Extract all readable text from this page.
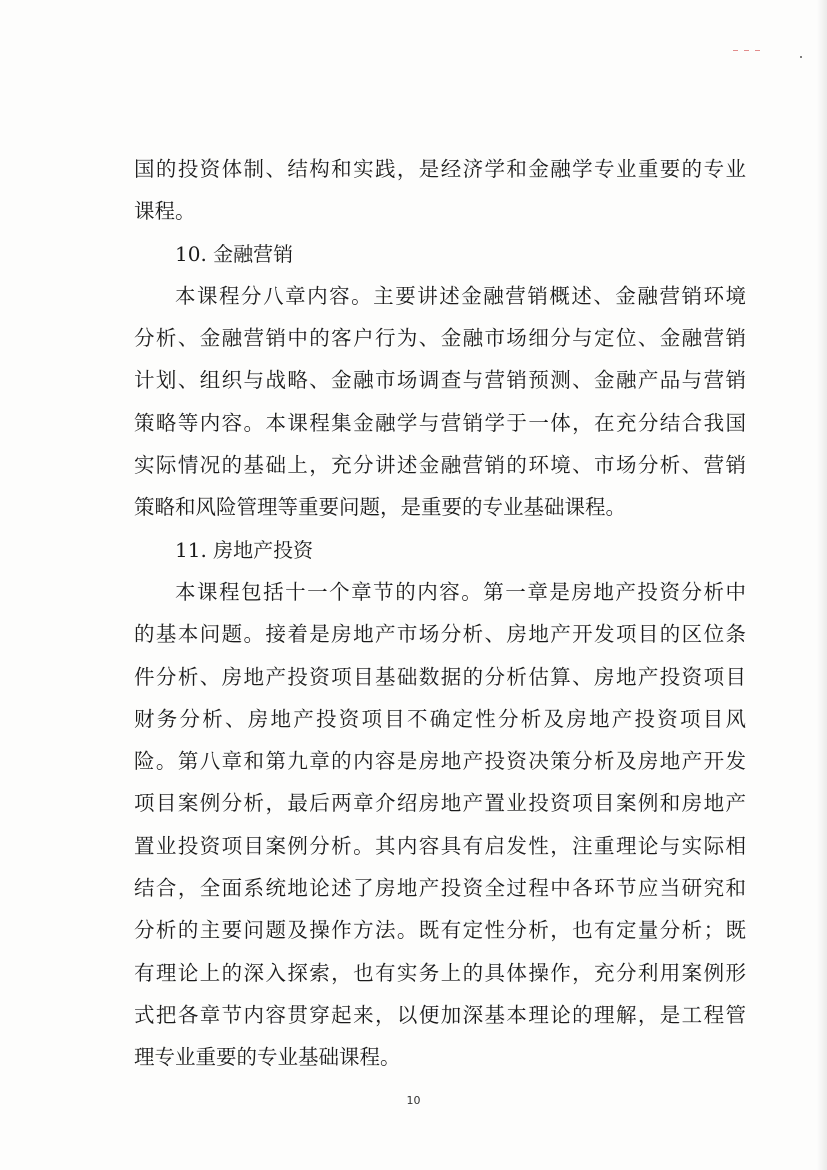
国的投资体制、结构和实践，是经济学和金融学专业重要的专业
课程。
10. 金融营销
本课程分八章内容。主要讲述金融营销概述、金融营销环境
分析、金融营销中的客户行为、金融市场细分与定位、金融营销
计划、组织与战略、金融市场调查与营销预测、金融产品与营销
策略等内容。本课程集金融学与营销学于一体，在充分结合我国
实际情况的基础上，充分讲述金融营销的环境、市场分析、营销
策略和风险管理等重要问题，是重要的专业基础课程。
11. 房地产投资
本课程包括十一个章节的内容。第一章是房地产投资分析中
的基本问题。接着是房地产市场分析、房地产开发项目的区位条
件分析、房地产投资项目基础数据的分析估算、房地产投资项目
财务分析、房地产投资项目不确定性分析及房地产投资项目风
险。第八章和第九章的内容是房地产投资决策分析及房地产开发
项目案例分析，最后两章介绍房地产置业投资项目案例和房地产
置业投资项目案例分析。其内容具有启发性，注重理论与实际相
结合，全面系统地论述了房地产投资全过程中各环节应当研究和
分析的主要问题及操作方法。既有定性分析，也有定量分析；既
有理论上的深入探索，也有实务上的具体操作，充分利用案例形
式把各章节内容贯穿起来，以便加深基本理论的理解，是工程管
理专业重要的专业基础课程。
10
